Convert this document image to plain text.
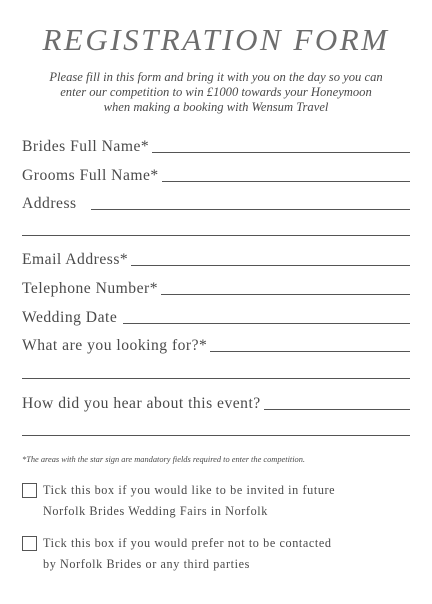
REGISTRATION FORM
Please fill in this form and bring it with you on the day so you can
enter our competition to win £1000 towards your Honeymoon
when making a booking with Wensum Travel
Brides Full Name*
Grooms Full Name*
Address
Email Address*
Telephone Number*
Wedding Date
What are you looking for?*
How did you hear about this event?
*The areas with the star sign are mandatory fields required to enter the competition.
Tick this box if you would like to be invited in future
Norfolk Brides Wedding Fairs in Norfolk
Tick this box if you would prefer not to be contacted
by Norfolk Brides or any third parties
